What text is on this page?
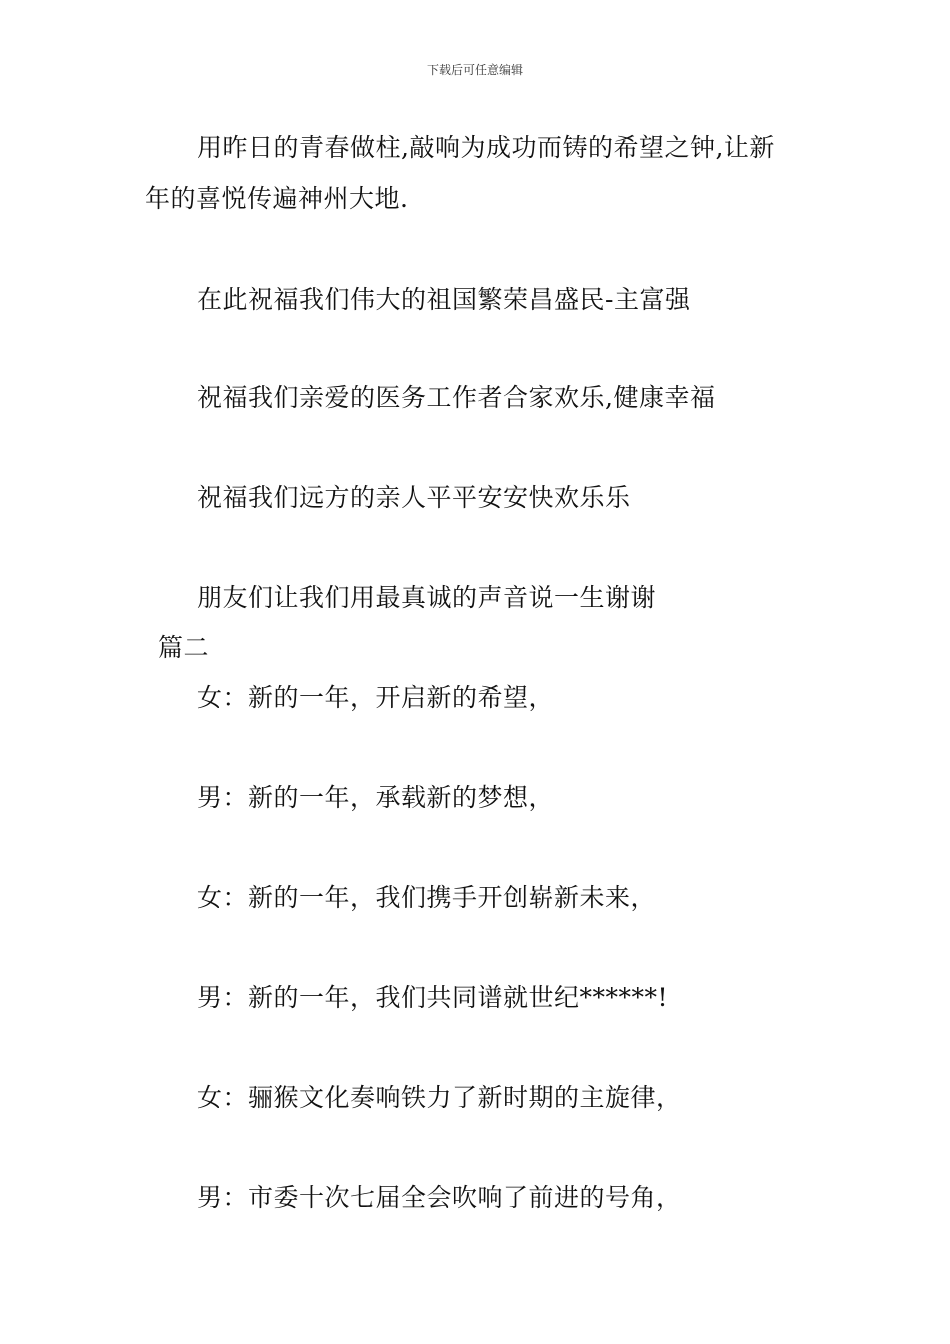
下载后可任意编辑
用昨日的青春做柱,敲响为成功而铸的希望之钟,让新
年的喜悦传遍神州大地.
在此祝福我们伟大的祖国繁荣昌盛民-主富强
祝福我们亲爱的医务工作者合家欢乐,健康幸福
祝福我们远方的亲人平平安安快欢乐乐
朋友们让我们用最真诚的声音说一生谢谢
篇二
女：新的一年，开启新的希望，
男：新的一年，承载新的梦想，
女：新的一年，我们携手开创崭新未来，
男：新的一年，我们共同谱就世纪******!
女：骊猴文化奏响铁力了新时期的主旋律，
男：市委十次七届全会吹响了前进的号角，
